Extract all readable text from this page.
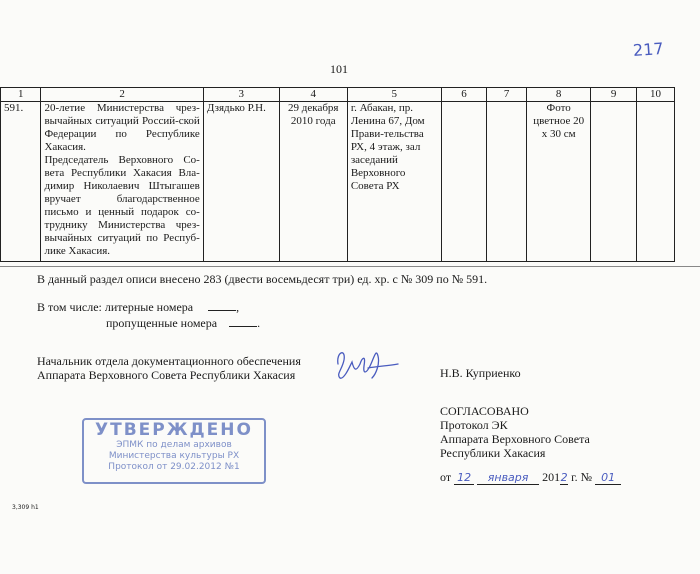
101
217
1	2	3	4	5	6	7	8	9	10
591.	20-летие Министерства чрез-вычайных ситуаций Россий-ской Федерации по Республике Хакасия.
Председатель Верховного Со-вета Республики Хакасия Вла-димир Николаевич Штыгашев вручает благодарственное письмо и ценный подарок со-труднику Министерства чрез-вычайных ситуаций по Респуб-лике Хакасия.	Дзядько Р.Н.	29 декабря 2010 года	г. Абакан, пр. Ленина 67, Дом Прави-тельства РХ, 4 этаж, зал заседаний Верховного Совета РХ			Фото цветное 20 х 30 см		
В данный раздел описи внесено 283 (двести восемьдесят три) ед. хр. с № 309 по № 591.
В том числе: литерные номера	,
пропущенные номера	.
Начальник отдела документационного обеспечения
Аппарата Верховного Совета Республики Хакасия	Н.В. Куприенко
СОГЛАСОВАНО
Протокол ЭК
Аппарата Верховного Совета
Республики Хакасия
от 12 января 2012 г. № 01
УТВЕРЖДЕНО
ЭПМК по делам архивов
Министерства культуры РХ
Протокол от 29.02.2012 №1
3,309 h1
